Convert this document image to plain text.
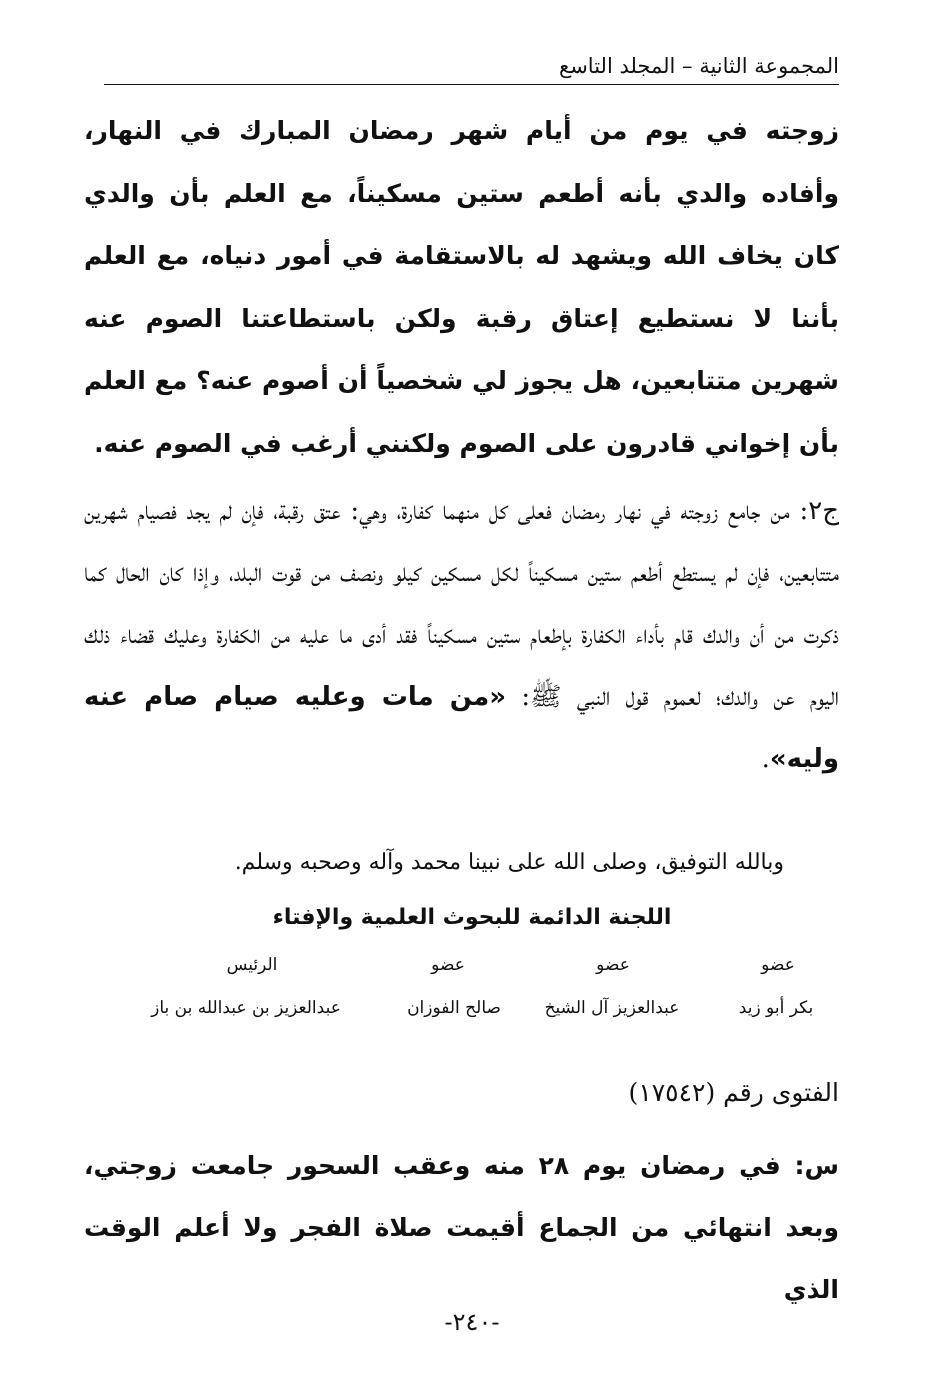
المجموعة الثانية – المجلد التاسع

زوجته في يوم من أيام شهر رمضان المبارك في النهار، وأفاده والدي بأنه أطعم ستين مسكيناً، مع العلم بأن والدي كان يخاف الله ويشهد له بالاستقامة في أمور دنياه، مع العلم بأننا لا نستطيع إعتاق رقبة ولكن باستطاعتنا الصوم عنه شهرين متتابعين، هل يجوز لي شخصياً أن أصوم عنه؟ مع العلم بأن إخواني قادرون على الصوم ولكنني أرغب في الصوم عنه.

ج٢: من جامع زوجته في نهار رمضان فعلى كل منهما كفارة، وهي: عتق رقبة، فإن لم يجد فصيام شهرين متتابعين، فإن لم يستطع أطعم ستين مسكيناً لكل مسكين كيلو ونصف من قوت البلد، وإذا كان الحال كما ذكرت من أن والدك قام بأداء الكفارة بإطعام ستين مسكيناً فقد أدى ما عليه من الكفارة وعليك قضاء ذلك اليوم عن والدك؛ لعموم قول النبي ﷺ: «من مات وعليه صيام صام عنه وليه».

وبالله التوفيق، وصلى الله على نبينا محمد وآله وصحبه وسلم.
اللجنة الدائمة للبحوث العلمية والإفتاء
عضو
عضو
عضو
الرئيس
بكر أبو زيد
عبدالعزيز آل الشيخ
صالح الفوزان
عبدالعزيز بن عبدالله بن باز
الفتوى رقم (١٧٥٤٢)

س: في رمضان يوم ٢٨ منه وعقب السحور جامعت زوجتي، وبعد انتهائي من الجماع أقيمت صلاة الفجر ولا أعلم الوقت الذي

-٢٤٠-
